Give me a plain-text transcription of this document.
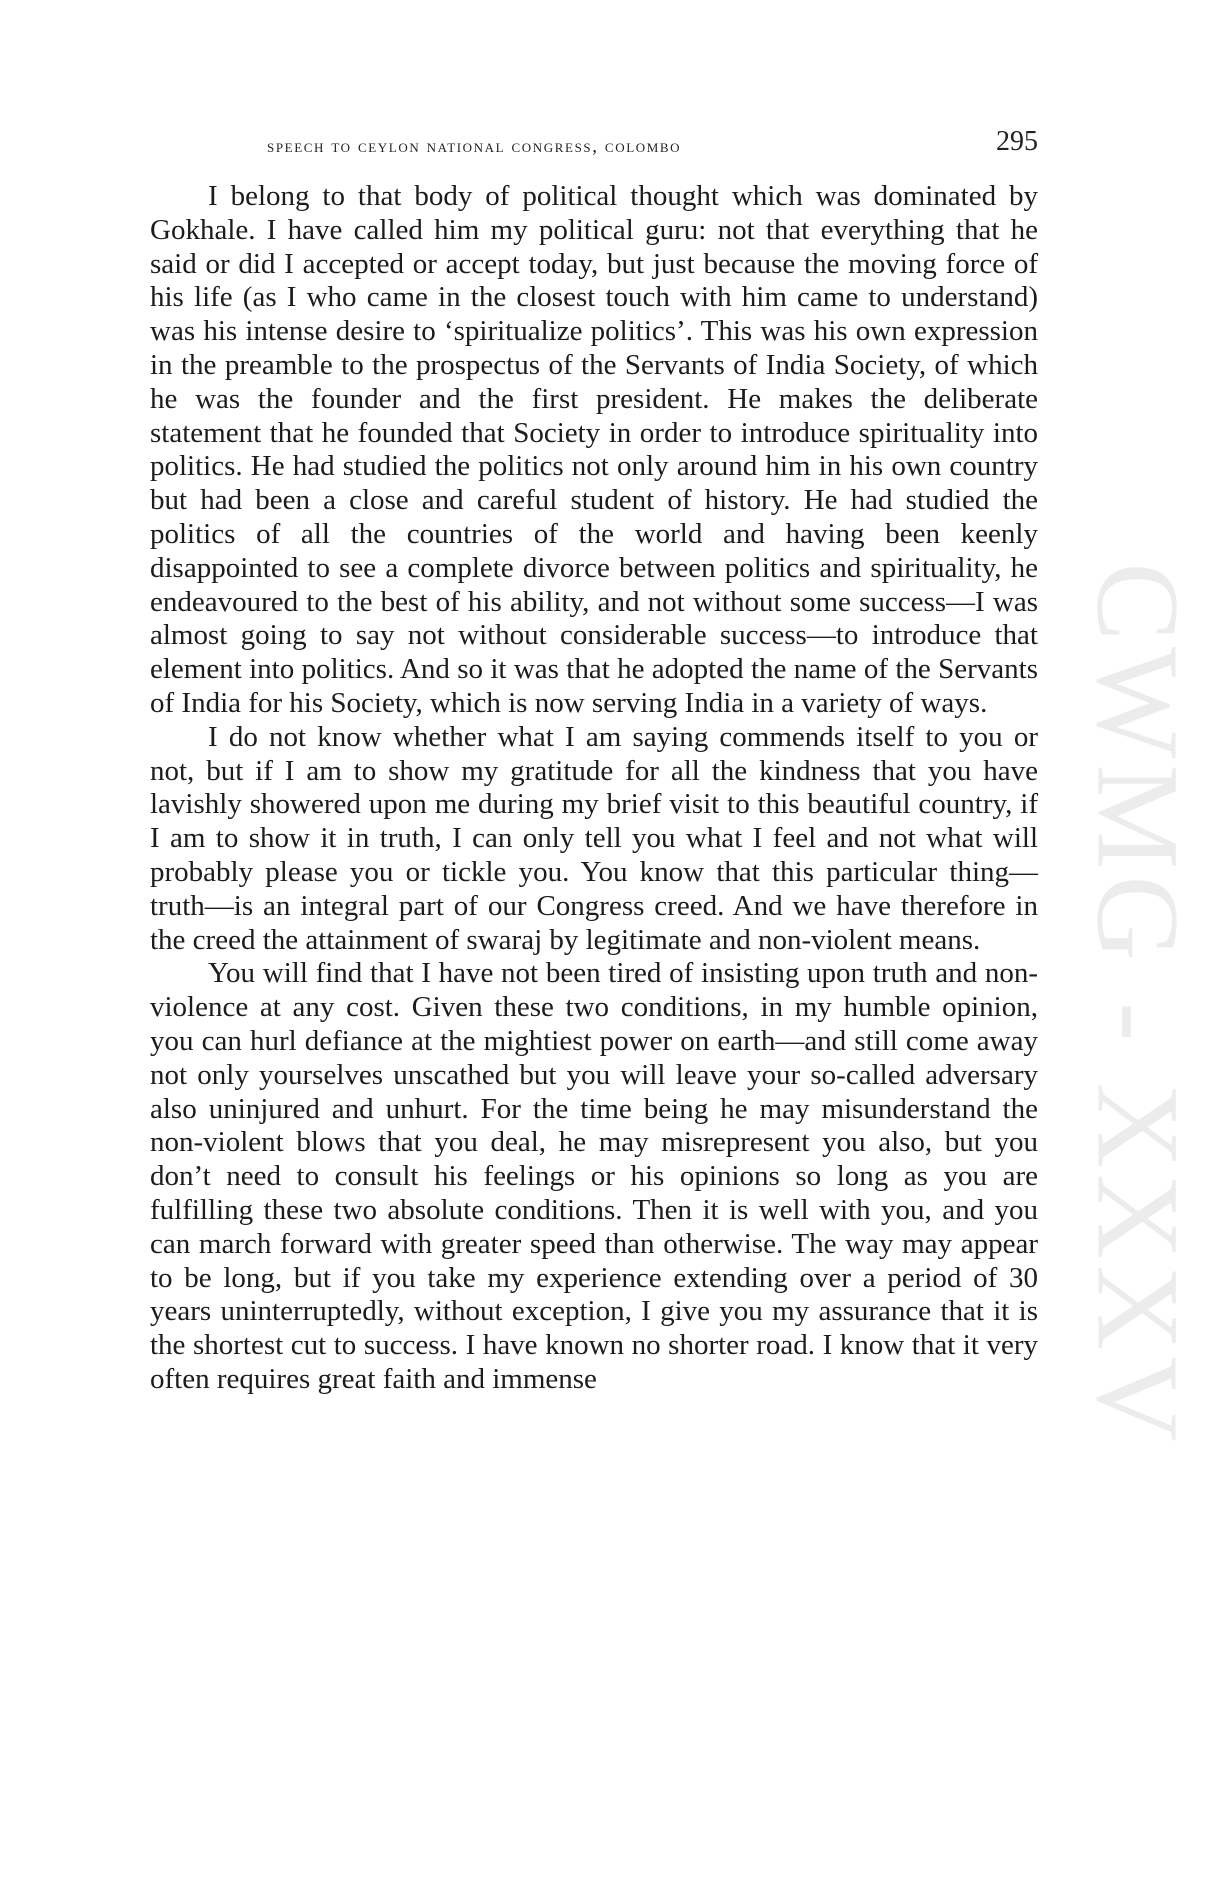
CWMG - XXXV
speech to ceylon national congress, colombo	295

I belong to that body of political thought which was dominated by Gokhale. I have called him my political guru: not that everything that he said or did I accepted or accept today, but just because the moving force of his life (as I who came in the closest touch with him came to understand) was his intense desire to ‘spiritualize politics’. This was his own expression in the preamble to the prospectus of the Servants of India Society, of which he was the founder and the first president. He makes the deliberate statement that he founded that Society in order to introduce spirituality into politics. He had studied the politics not only around him in his own country but had been a close and careful student of history. He had studied the politics of all the countries of the world and having been keenly disappointed to see a complete divorce between politics and spirituality, he endeavoured to the best of his ability, and not without some success—I was almost going to say not without considerable success—to introduce that element into politics. And so it was that he adopted the name of the Servants of India for his Society, which is now serving India in a variety of ways.

I do not know whether what I am saying commends itself to you or not, but if I am to show my gratitude for all the kindness that you have lavishly showered upon me during my brief visit to this beautiful country, if I am to show it in truth, I can only tell you what I feel and not what will probably please you or tickle you. You know that this particular thing—truth—is an integral part of our Congress creed. And we have therefore in the creed the attainment of swaraj by legitimate and non-violent means.

You will find that I have not been tired of insisting upon truth and non-violence at any cost. Given these two conditions, in my humble opinion, you can hurl defiance at the mightiest power on earth—and still come away not only yourselves unscathed but you will leave your so-called adversary also uninjured and unhurt. For the time being he may misunderstand the non-violent blows that you deal, he may misrepresent you also, but you don’t need to consult his feelings or his opinions so long as you are fulfilling these two absolute conditions. Then it is well with you, and you can march forward with greater speed than otherwise. The way may appear to be long, but if you take my experience extending over a period of 30 years uninterruptedly, without exception, I give you my assurance that it is the shortest cut to success. I have known no shorter road. I know that it very often requires great faith and immense
